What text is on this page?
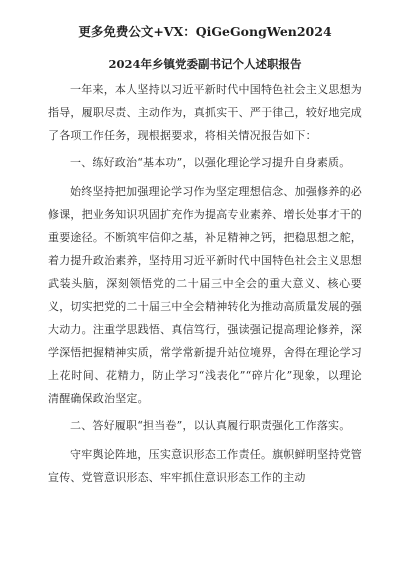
更多免费公文+VX：QiGeGongWen2024
2024年乡镇党委副书记个人述职报告

一年来，本人坚持以习近平新时代中国特色社会主义思想为指导，履职尽责、主动作为，真抓实干、严于律己，较好地完成了各项工作任务，现根据要求，将相关情况报告如下：

一、练好政治“基本功”，以强化理论学习提升自身素质。

始终坚持把加强理论学习作为坚定理想信念、加强修养的必修课，把业务知识巩固扩充作为提高专业素养、增长处事才干的重要途径。不断筑牢信仰之基，补足精神之钙，把稳思想之舵，着力提升政治素养，坚持用习近平新时代中国特色社会主义思想武装头脑，深刻领悟党的二十届三中全会的重大意义、核心要义，切实把党的二十届三中全会精神转化为推动高质量发展的强大动力。注重学思践悟、真信笃行，强读强记提高理论修养，深学深悟把握精神实质，常学常新提升站位境界，舍得在理论学习上花时间、花精力，防止学习“浅表化”“碎片化”现象，以理论清醒确保政治坚定。

二、答好履职“担当卷”，以认真履行职责强化工作落实。

守牢舆论阵地，压实意识形态工作责任。旗帜鲜明坚持党管宣传、党管意识形态、牢牢抓住意识形态工作的主动
